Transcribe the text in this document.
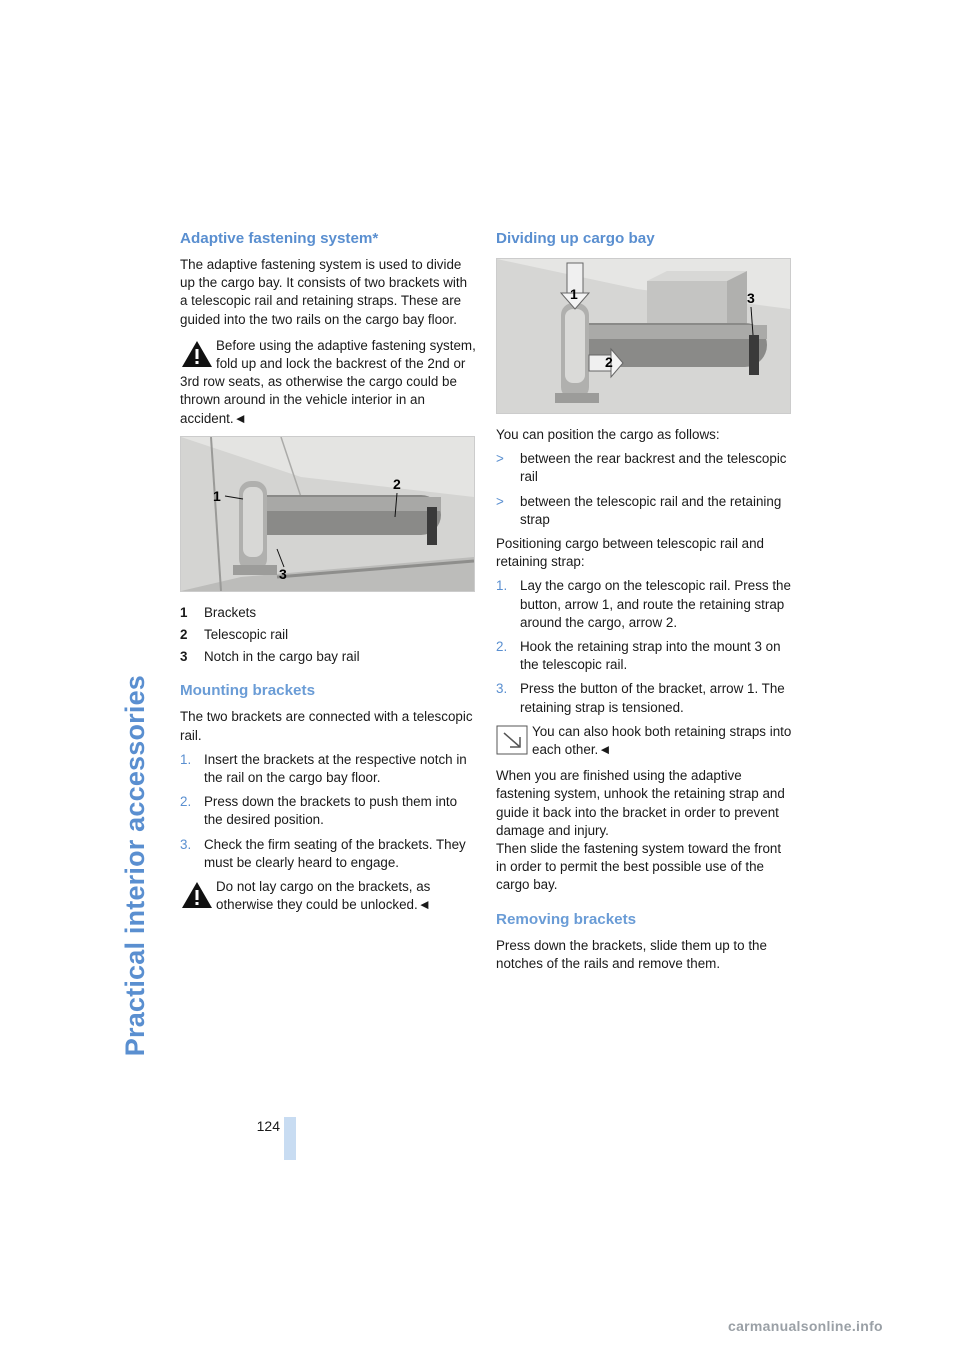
Practical interior accessories
Adaptive fastening system*

The adaptive fastening system is used to divide up the cargo bay. It consists of two brackets with a telescopic rail and retaining straps. These are guided into the two rails on the cargo bay floor.

Before using the adaptive fastening system, fold up and lock the backrest of the 2nd or 3rd row seats, as otherwise the cargo could be thrown around in the vehicle interior in an accident.◄
1
2
3
1	Brackets
2	Telescopic rail
3	Notch in the cargo bay rail
Mounting brackets

The two brackets are connected with a telescopic rail.

1. Insert the brackets at the respective notch in the rail on the cargo bay floor.
2. Press down the brackets to push them into the desired position.
3. Check the firm seating of the brackets. They must be clearly heard to engage.
Do not lay cargo on the brackets, as otherwise they could be unlocked.◄
Dividing up cargo bay
1
2
3

You can position the cargo as follows:

>	between the rear backrest and the telescopic rail
>	between the telescopic rail and the retaining strap

Positioning cargo between telescopic rail and retaining strap:

1. Lay the cargo on the telescopic rail. Press the button, arrow 1, and route the retaining strap around the cargo, arrow 2.
2. Hook the retaining strap into the mount 3 on the telescopic rail.
3. Press the button of the bracket, arrow 1. The retaining strap is tensioned.
You can also hook both retaining straps into each other.◄

When you are finished using the adaptive fastening system, unhook the retaining strap and guide it back into the bracket in order to prevent damage and injury.

Then slide the fastening system toward the front in order to permit the best possible use of the cargo bay.

Removing brackets

Press down the brackets, slide them up to the notches of the rails and remove them.

124
carmanualsonline.info
